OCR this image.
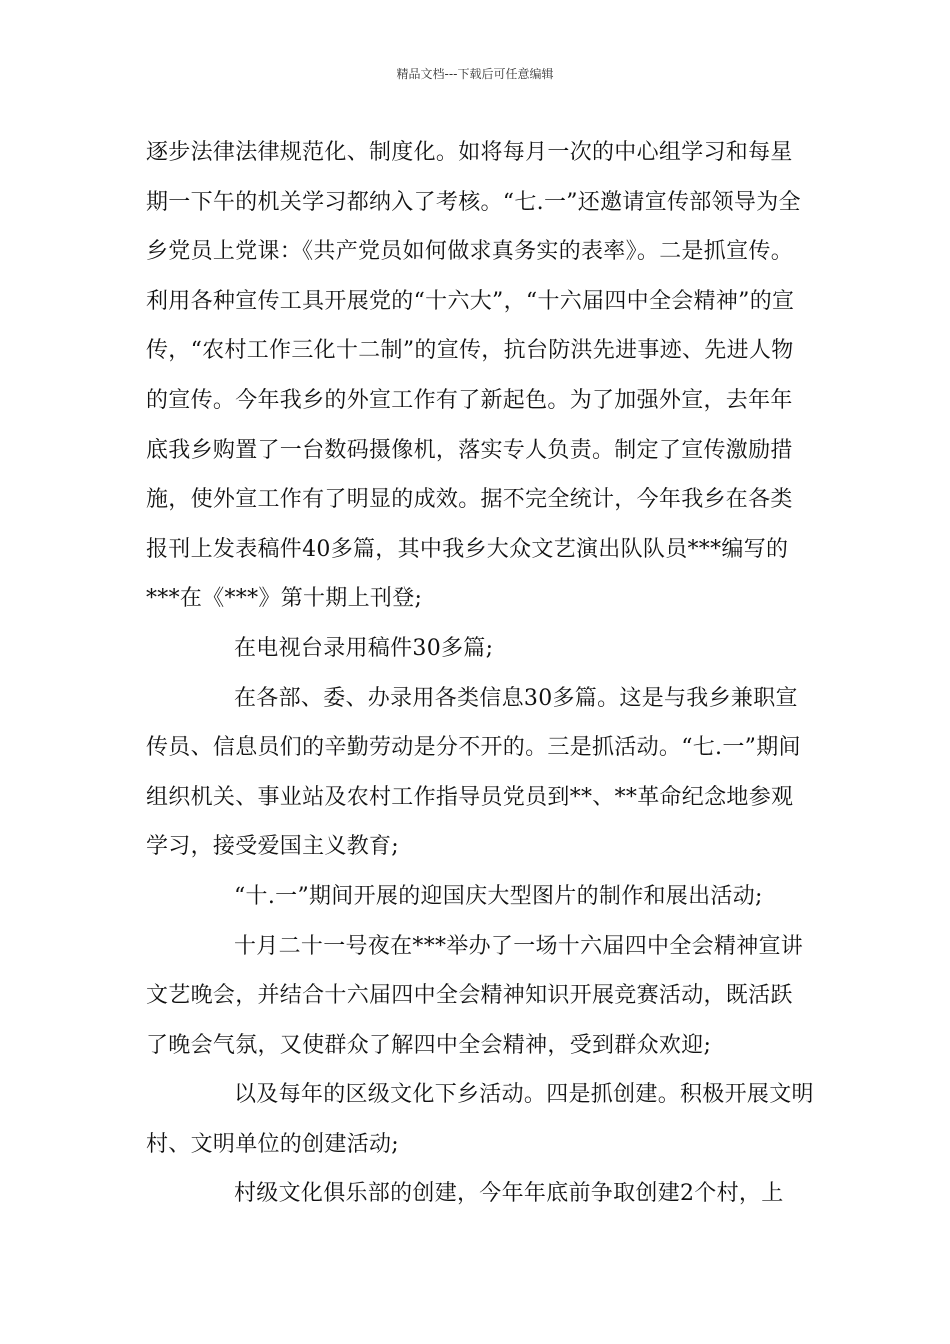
精品文档---下载后可任意编辑

逐步法律法律规范化、制度化。如将每月一次的中心组学习和每星期一下午的机关学习都纳入了考核。“七.一”还邀请宣传部领导为全乡党员上党课：《共产党员如何做求真务实的表率》。二是抓宣传。利用各种宣传工具开展党的“十六大”，“十六届四中全会精神”的宣传，“农村工作三化十二制”的宣传，抗台防洪先进事迹、先进人物的宣传。今年我乡的外宣工作有了新起色。为了加强外宣，去年年底我乡购置了一台数码摄像机，落实专人负责。制定了宣传激励措施，使外宣工作有了明显的成效。据不完全统计，今年我乡在各类报刊上发表稿件40多篇，其中我乡大众文艺演出队队员***编写的***在《***》第十期上刊登;

在电视台录用稿件30多篇;

在各部、委、办录用各类信息30多篇。这是与我乡兼职宣传员、信息员们的辛勤劳动是分不开的。三是抓活动。“七.一”期间组织机关、事业站及农村工作指导员党员到**、**革命纪念地参观学习，接受爱国主义教育;

“十.一”期间开展的迎国庆大型图片的制作和展出活动;

十月二十一号夜在***举办了一场十六届四中全会精神宣讲文艺晚会，并结合十六届四中全会精神知识开展竞赛活动，既活跃了晚会气氛，又使群众了解四中全会精神，受到群众欢迎;

以及每年的区级文化下乡活动。四是抓创建。积极开展文明村、文明单位的创建活动;

村级文化俱乐部的创建，今年年底前争取创建2个村，上
